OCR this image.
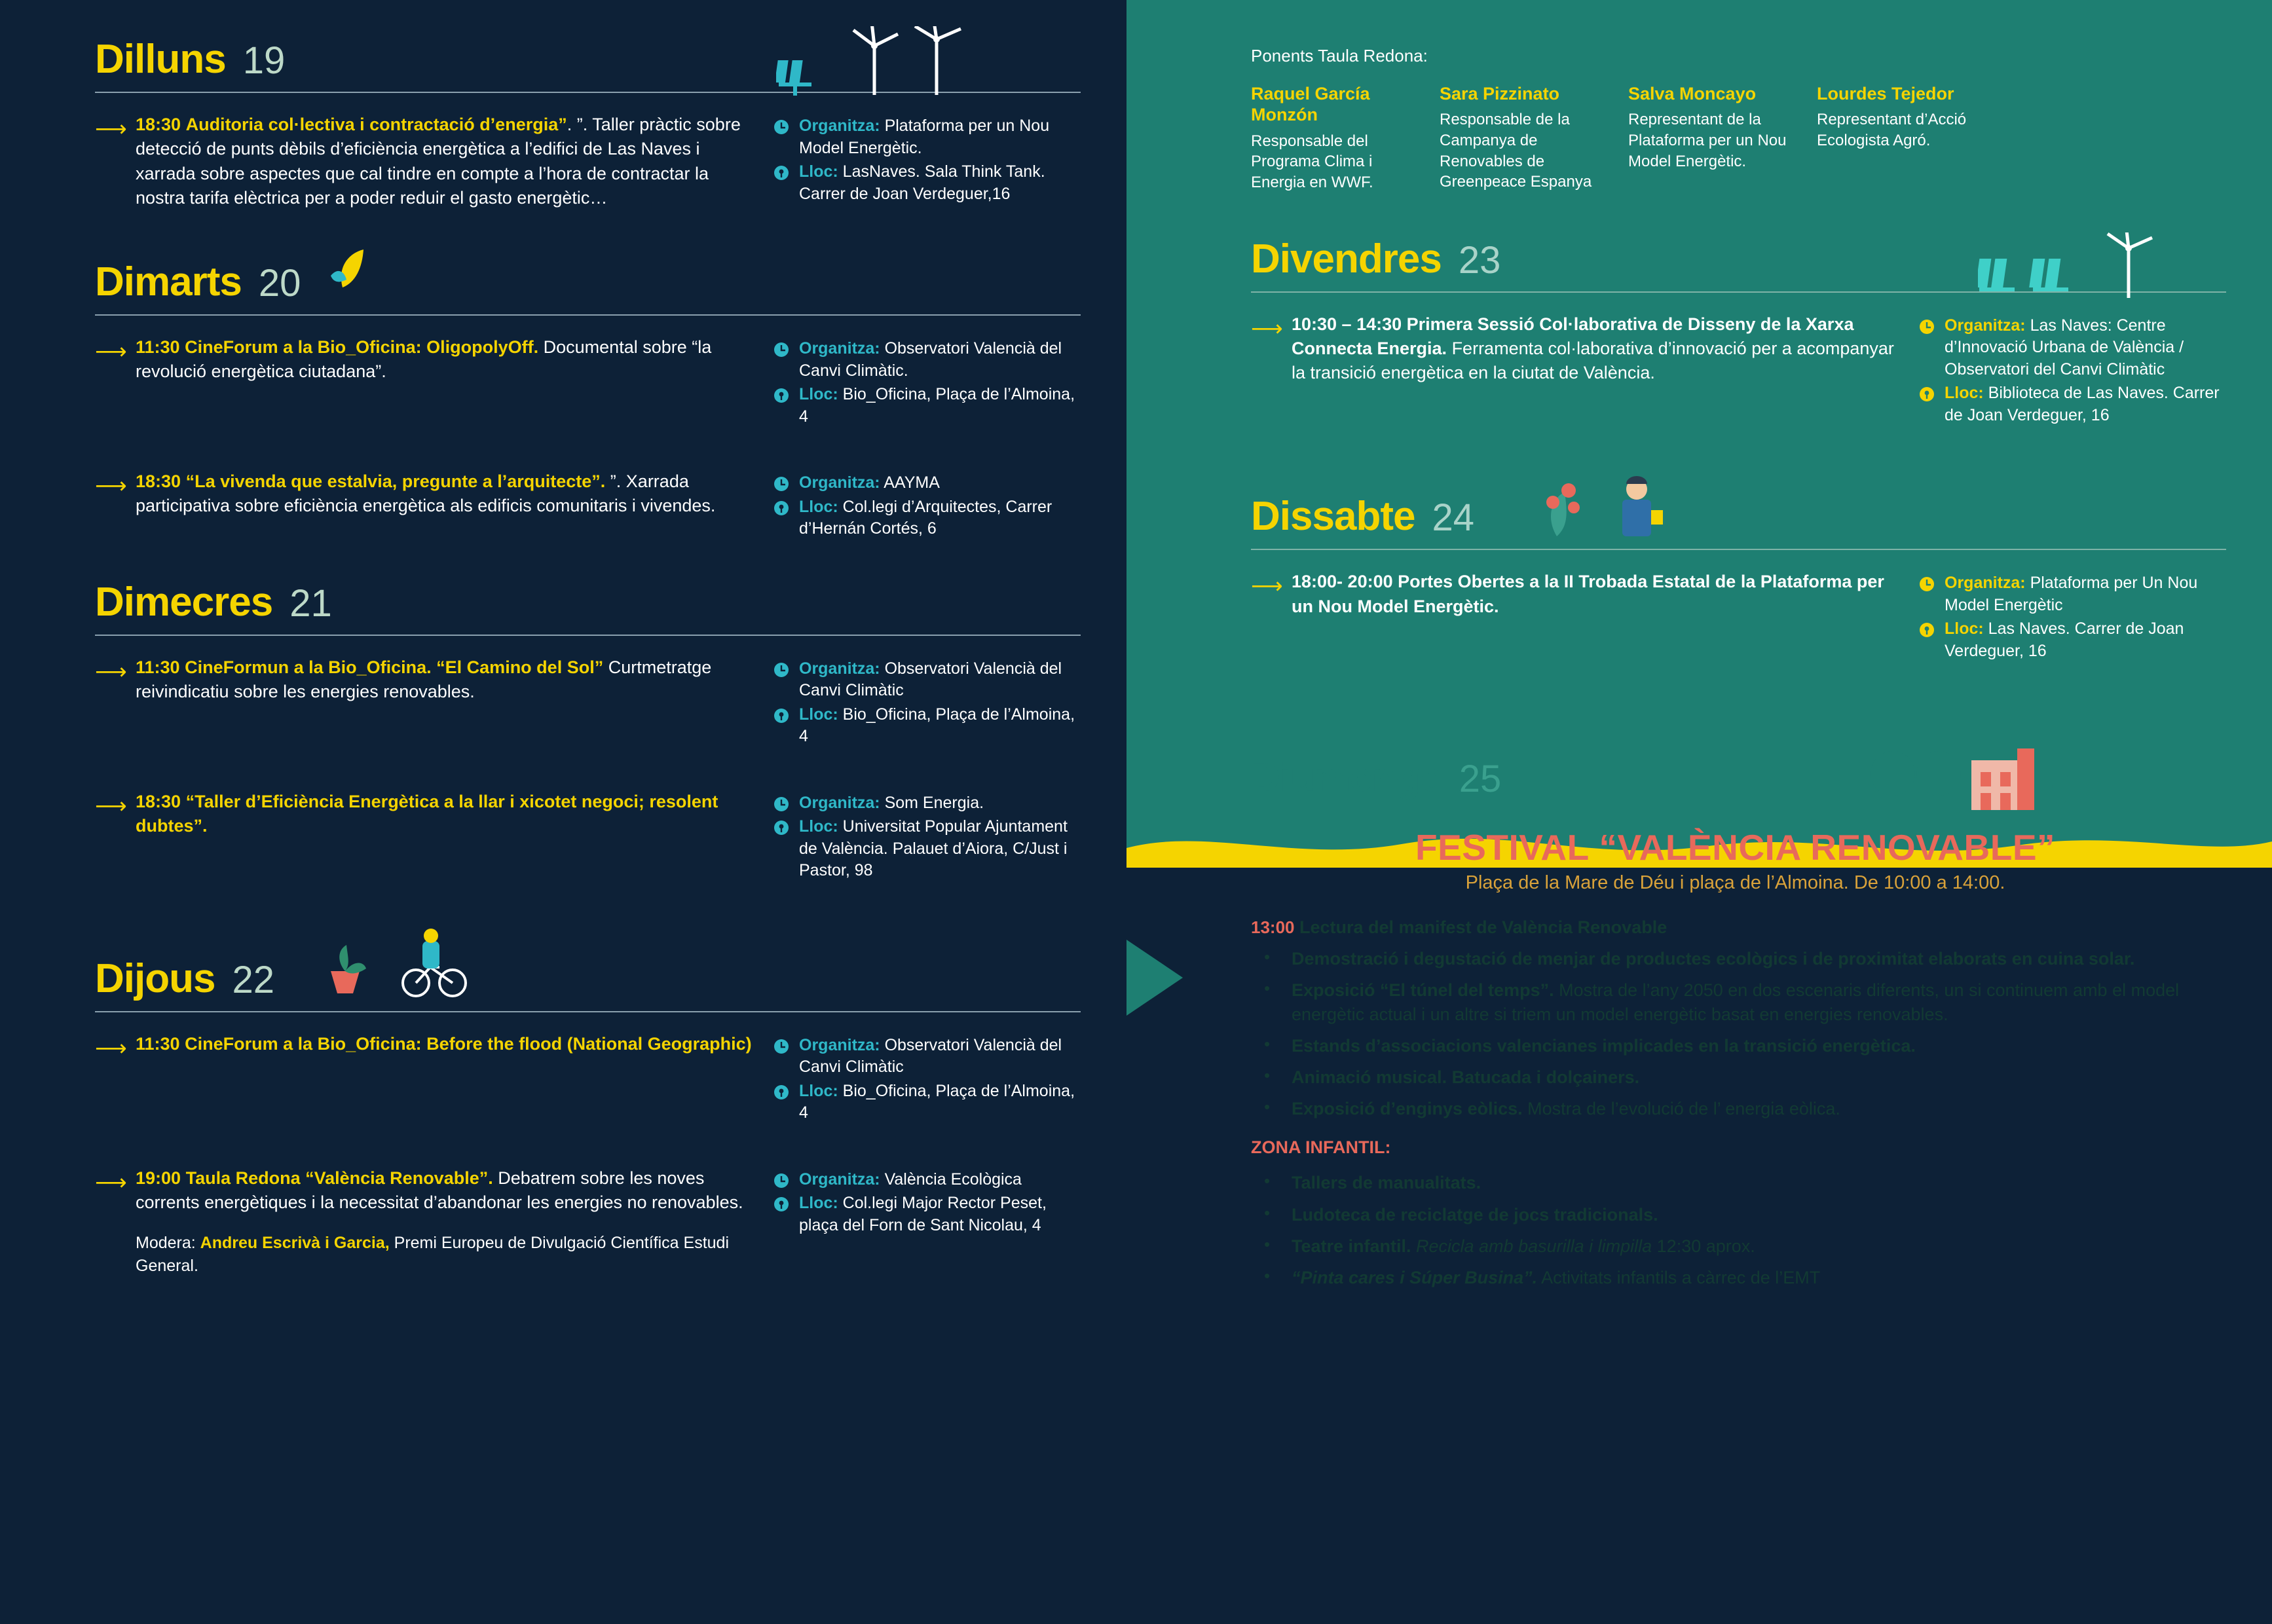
Dilluns 19
⟶ 18:30 Auditoria col·lectiva i contractació d’energia”. ”. Taller pràctic sobre detecció de punts dèbils d’eficiència energètica a l’edifici de Las Naves i xarrada sobre aspectes que cal tindre en compte a l’hora de contractar la nostra tarifa elèctrica per a poder reduir el gasto energètic…
Organitza: Plataforma per un Nou Model Energètic.
Lloc: LasNaves. Sala Think Tank. Carrer de Joan Verdeguer,16
Dimarts 20
⟶ 11:30 CineForum a la Bio_Oficina: OligopolyOff. Documental sobre “la revolució energètica ciutadana”.
Organitza: Observatori Valencià del Canvi Climàtic.
Lloc: Bio_Oficina, Plaça de l’Almoina, 4
⟶ 18:30 “La vivenda que estalvia, pregunte a l’arquitecte”. ”. Xarrada participativa sobre eficiència energètica als edificis comunitaris i vivendes.
Organitza: AAYMA
Lloc: Col.legi d’Arquitectes, Carrer d’Hernán Cortés, 6
Dimecres 21
⟶ 11:30 CineFormun a la Bio_Oficina. “El Camino del Sol” Curtmetratge reivindicatiu sobre les energies renovables.
Organitza: Observatori Valencià del Canvi Climàtic
Lloc: Bio_Oficina, Plaça de l’Almoina, 4
⟶ 18:30 “Taller d’Eficiència Energètica a la llar i xicotet negoci; resolent dubtes”.
Organitza: Som Energia.
Lloc: Universitat Popular Ajuntament de València. Palauet d’Aiora, C/Just i Pastor, 98
Dijous 22
⟶ 11:30 CineForum a la Bio_Oficina: Before the flood (National Geographic)	Organitza: Observatori Valencià del Canvi Climàtic
Lloc: Bio_Oficina, Plaça de l’Almoina, 4
⟶ 19:00 Taula Redona “València Renovable”. Debatrem sobre les noves corrents energètiques i la necessitat d’abandonar les energies no renovables.
Modera: Andreu Escrivà i Garcia, Premi Europeu de Divulgació Científica Estudi General.
Organitza: València Ecològica
Lloc: Col.legi Major Rector Peset, plaça del Forn de Sant Nicolau, 4
Ponents Taula Redona:
Raquel García Monzón
Responsable del Programa Clima i Energia en WWF.
Sara Pizzinato
Responsable de la Campanya de Renovables de Greenpeace Espanya
Salva Moncayo
Representant de la Plataforma per un Nou Model Energètic.
Lourdes Tejedor
Representant d’Acció Ecologista Agró.
Divendres 23
⟶ 10:30 – 14:30 Primera Sessió Col·laborativa de Disseny de la Xarxa Connecta Energia. Ferramenta col·laborativa d’innovació per a acompanyar la transició energètica en la ciutat de València.
Organitza: Las Naves: Centre d’Innovació Urbana de València / Observatori del Canvi Climàtic
Lloc: Biblioteca de Las Naves. Carrer de Joan Verdeguer, 16
Dissabte 24
⟶ 18:00- 20:00 Portes Obertes a la II Trobada Estatal de la Plataforma per un Nou Model Energètic.
Organitza: Plataforma per Un Nou Model Energètic
Lloc: Las Naves. Carrer de Joan Verdeguer, 16
Diumenge 25
FESTIVAL “VALÈNCIA RENOVABLE”
Plaça de la Mare de Déu i plaça de l’Almoina. De 10:00 a 14:00.
13:00 Lectura del manifest de València Renovable
• Demostració i degustació de menjar de productes ecològics i de proximitat elaborats en cuina solar.
• Exposició “El túnel del temps”. Mostra de l’any 2050 en dos escenaris diferents, un si continuem amb el model energètic actual i un altre si triem un model energètic basat en energies renovables.
• Estands d’associacions valencianes implicades en la transició energètica.
• Animació musical. Batucada i dolçainers.
• Exposició d’enginys eòlics. Mostra de l’evolució de l’ energia eòlica.
ZONA INFANTIL:
• Tallers de manualitats.
• Ludoteca de reciclatge de jocs tradicionals.
• Teatre infantil. Recicla amb basurilla i limpilla 12:30 aprox.
• “Pinta cares i Súper Busina”. Activitats infantils a càrrec de l’EMT
